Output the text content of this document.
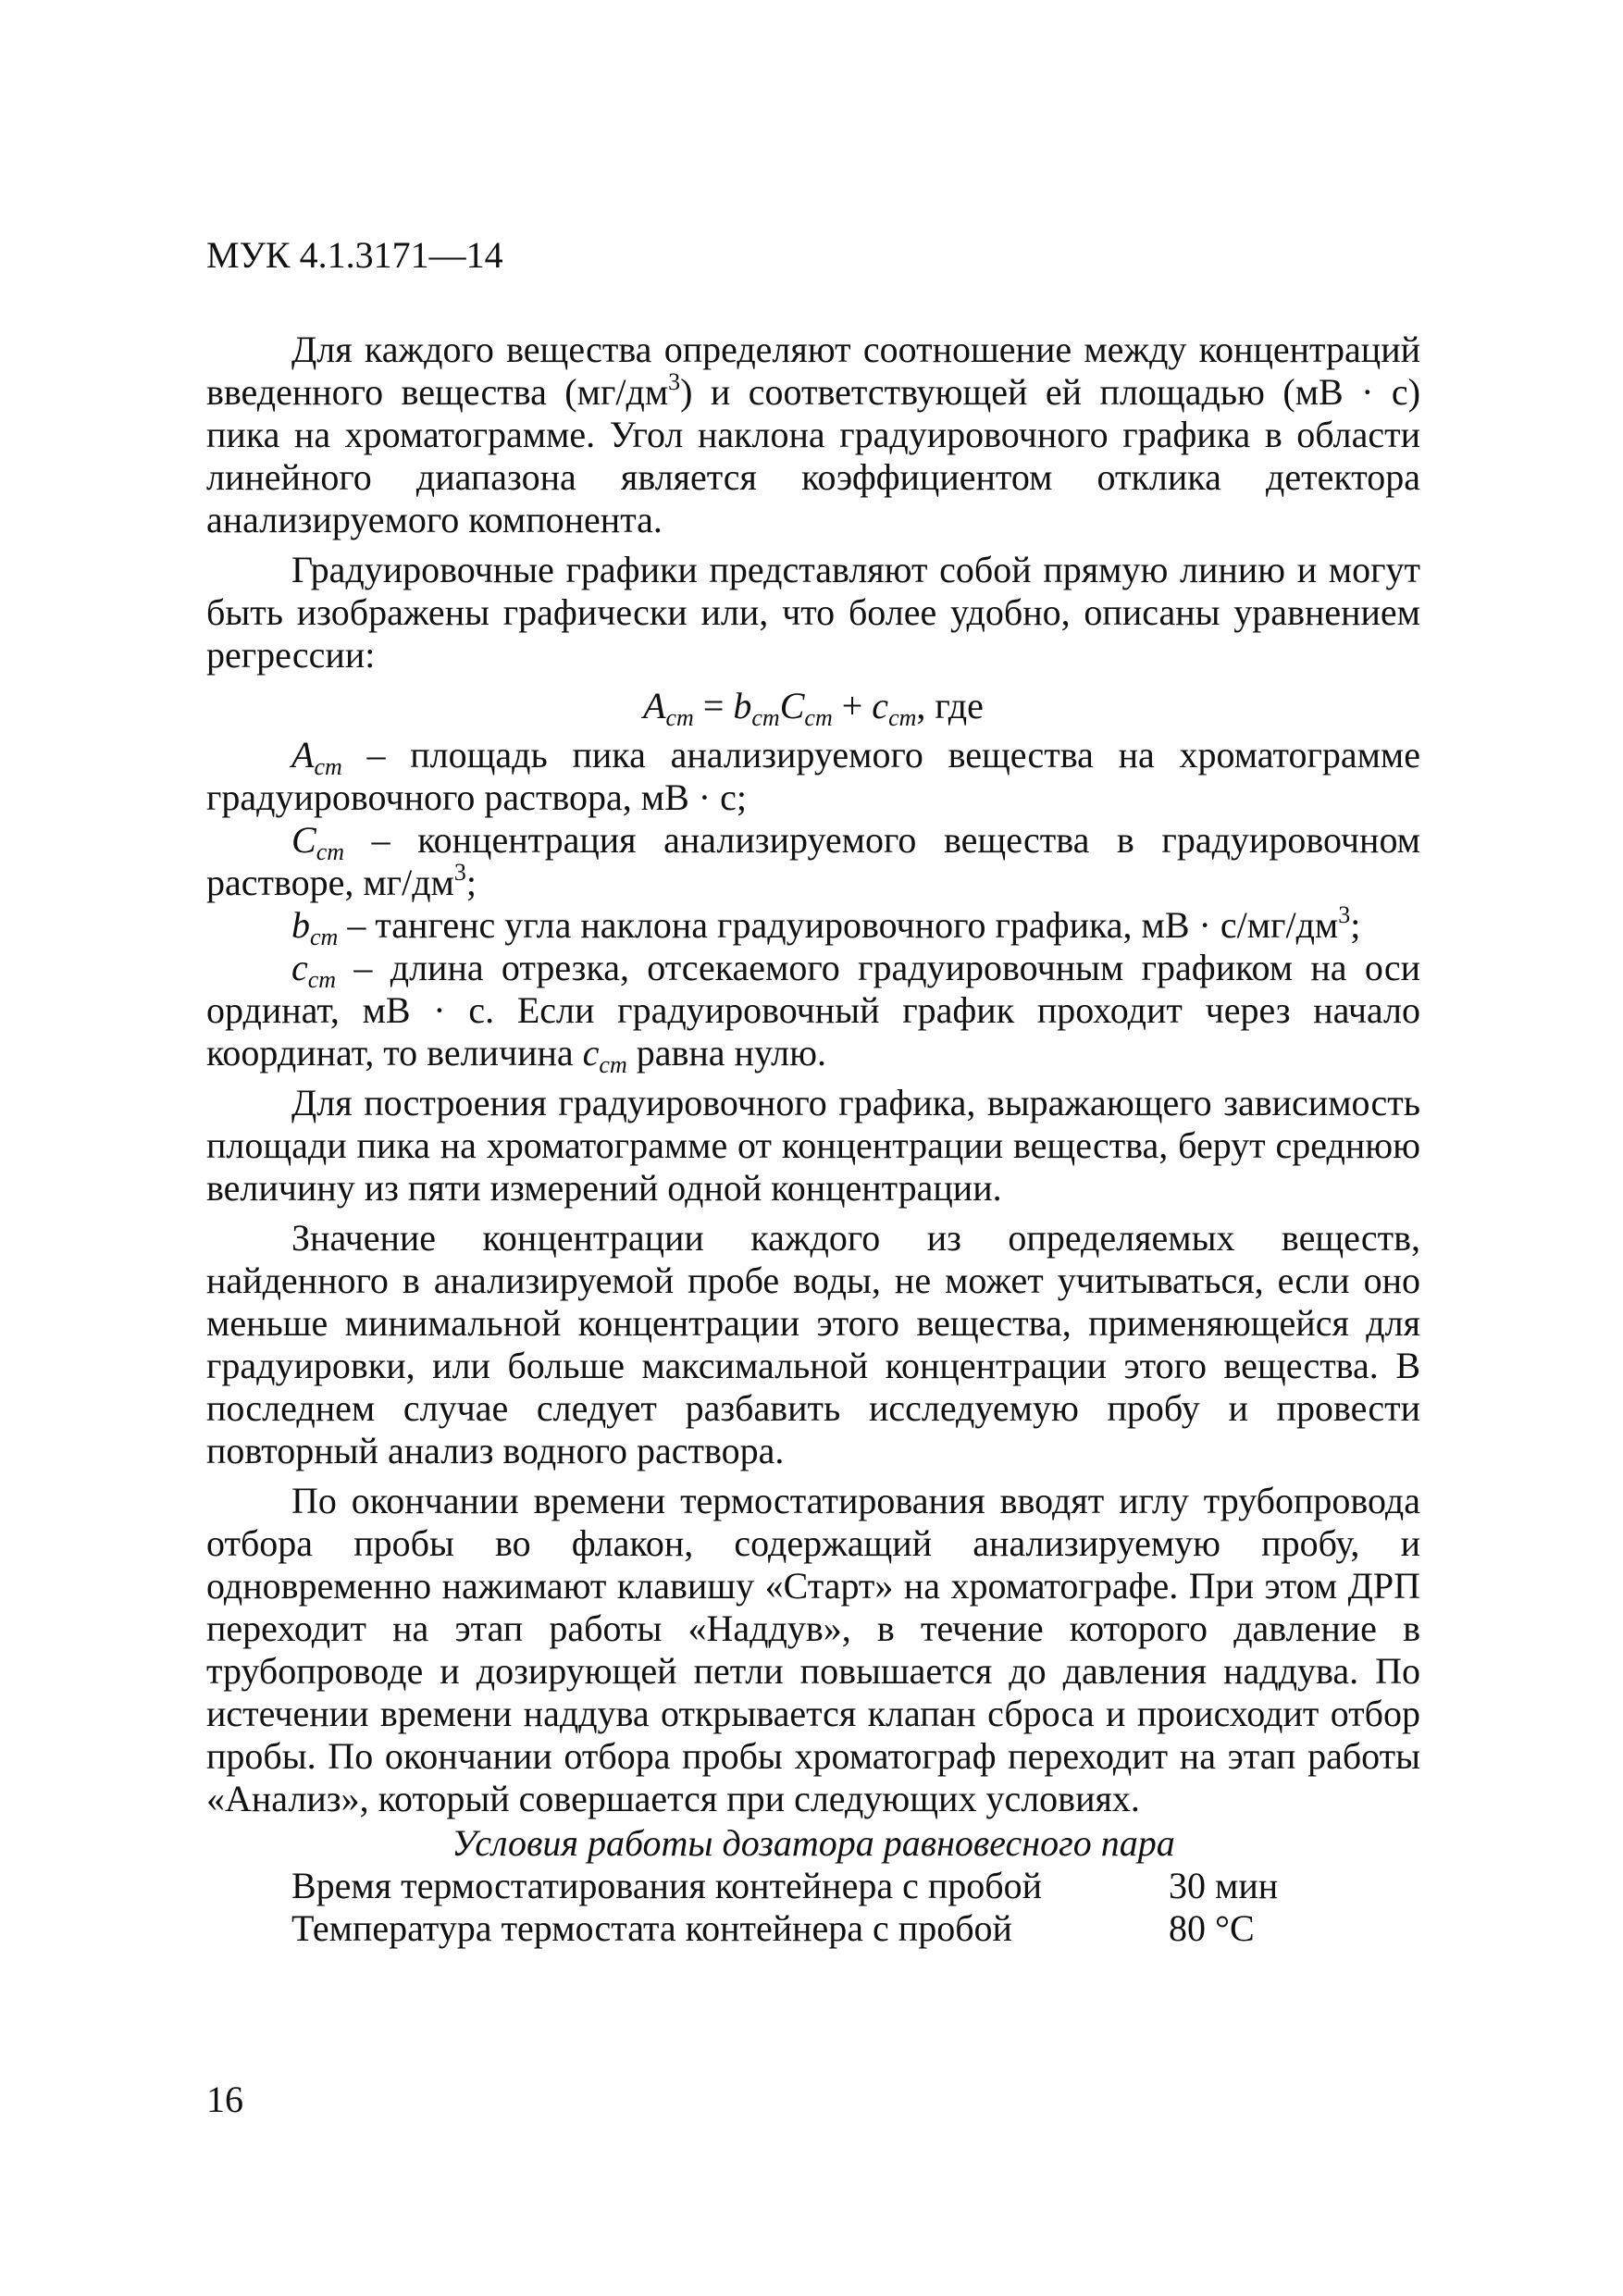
МУК 4.1.3171—14

Для каждого вещества определяют соотношение между концентраций введенного вещества $(мг/дм^3)$ и соответствующей ей площадью (мВ · с) пика на хроматограмме. Угол наклона градуировочного графика в области линейного диапазона является коэффициентом отклика детектора анализируемого компонента.

Градуировочные графики представляют собой прямую линию и могут быть изображены графически или, что более удобно, описаны уравнением регрессии:

$A_{cm} = b_{cm}C_{cm} + c_{cm}$, где

$A_{cm}$ – площадь пика анализируемого вещества на хроматограмме градуировочного раствора, мВ · с;

$C_{cm}$ – концентрация анализируемого вещества в градуировочном растворе, $мг/дм^3$;

$b_{cm}$ – тангенс угла наклона градуировочного графика, мВ · $с/мг/дм^3$;

$c_{cm}$ – длина отрезка, отсекаемого градуировочным графиком на оси ординат, мВ · с. Если градуировочный график проходит через начало координат, то величина $c_{cm}$ равна нулю.

Для построения градуировочного графика, выражающего зависимость площади пика на хроматограмме от концентрации вещества, берут среднюю величину из пяти измерений одной концентрации.

Значение концентрации каждого из определяемых веществ, найденного в анализируемой пробе воды, не может учитываться, если оно меньше минимальной концентрации этого вещества, применяющейся для градуировки, или больше максимальной концентрации этого вещества. В последнем случае следует разбавить исследуемую пробу и провести повторный анализ водного раствора.

По окончании времени термостатирования вводят иглу трубопровода отбора пробы во флакон, содержащий анализируемую пробу, и одновременно нажимают клавишу «Старт» на хроматографе. При этом ДРП переходит на этап работы «Наддув», в течение которого давление в трубопроводе и дозирующей петли повышается до давления наддува. По истечении времени наддува открывается клапан сброса и происходит отбор пробы. По окончании отбора пробы хроматограф переходит на этап работы «Анализ», который совершается при следующих условиях.

Условия работы дозатора равновесного пара
Время термостатирования контейнера с пробой	30 мин
Температура термостата контейнера с пробой	80 °C
16
